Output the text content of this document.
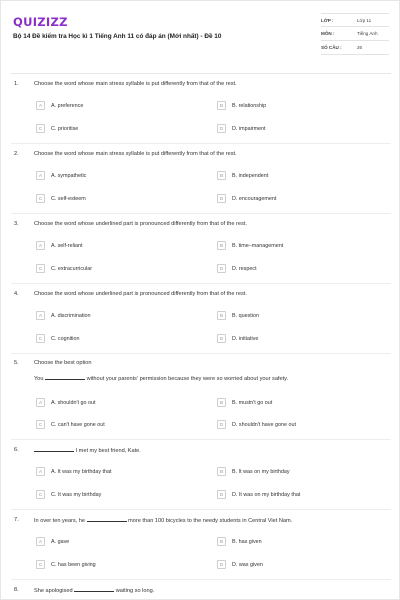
QUIZIZZ
Bộ 14 Đề kiểm tra Học kì 1 Tiếng Anh 11 có đáp án (Mới nhất) - Đề 10
LỚP :	Lớp 11
MÔN :	Tiếng Anh
SỐ CÂU :	26
1.	Choose the word whose main stress syllable is put differently from that of the rest.
A	A. preference	B	B. relationship
C	C. prioritise	D	D. impairment
2.	Choose the word whose main stress syllable is put differently from that of the rest.
A	A. sympathetic	B	B. independent
C	C. self-esteem	D	D. encouragement
3.	Choose the word whose underlined part is pronounced differently from that of the rest.
A	A. self-reliant	B	B. time–management
C	C. extracurricular	D	D. respect
4.	Choose the word whose underlined part is pronounced differently from that of the rest.
A	A. discrimination	B	B. question
C	C. cognition	D	D. initiative
5.	Choose the best option
You	without your parents' permission because they were so worried about your safety.
A	A. shouldn't go out	B	B. mustn't go out
C	C. can't have gone out	D	D. shouldn't have gone out
6.	I met my best friend, Kate.
A	A. It was my birthday that	B	B. It was on my birthday
C	C. It was my birthday	D	D. It was on my birthday that
7.	In over ten years, he	more than 100 bicycles to the needy students in Central Viet Nam.
A	A. gave	B	B. has given
C	C. has been giving	D	D. was given
8.	She apologised	waiting so long.
